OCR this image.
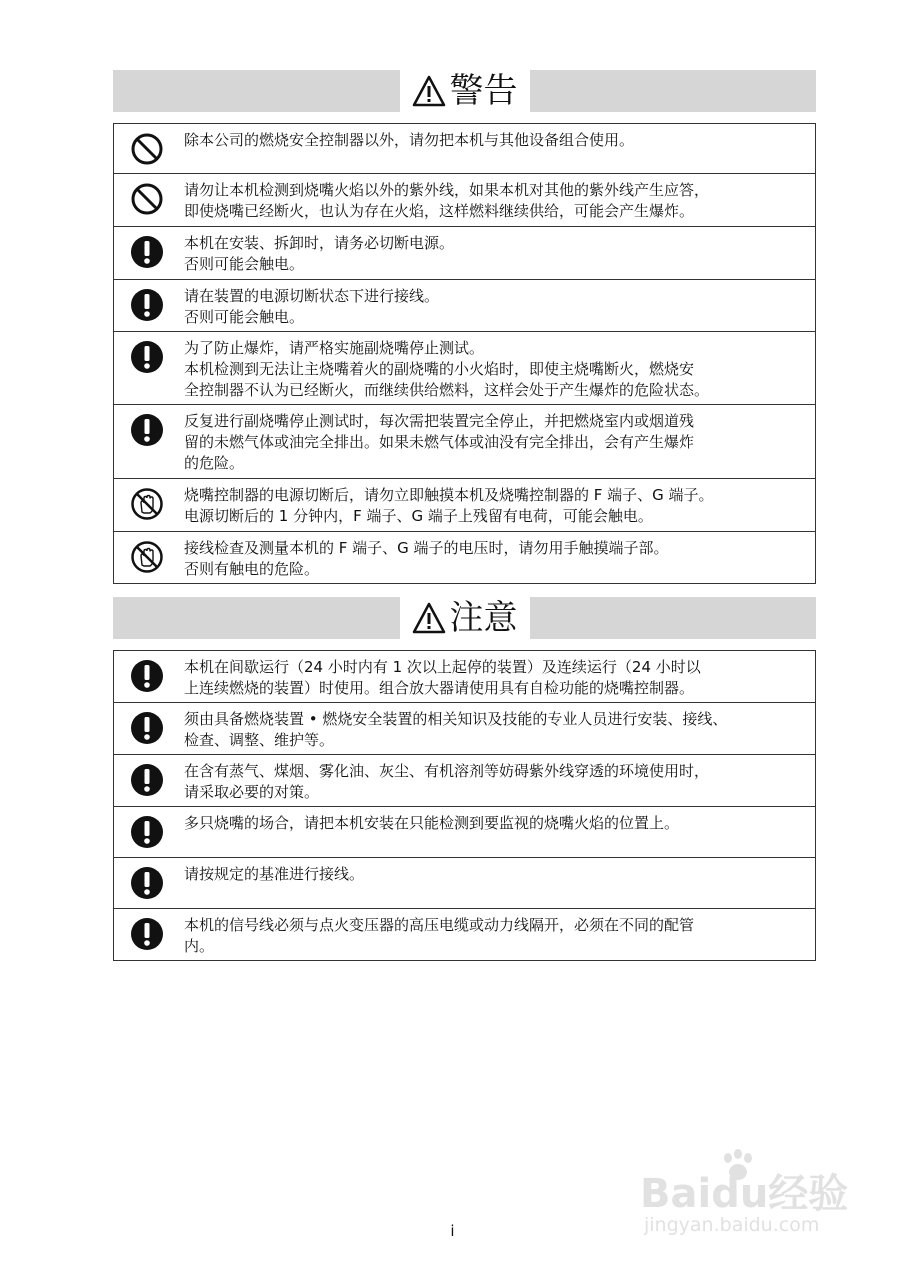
警告
除本公司的燃烧安全控制器以外，请勿把本机与其他设备组合使用。
请勿让本机检测到烧嘴火焰以外的紫外线，如果本机对其他的紫外线产生应答，
即使烧嘴已经断火，也认为存在火焰，这样燃料继续供给，可能会产生爆炸。
本机在安装、拆卸时，请务必切断电源。
否则可能会触电。
请在装置的电源切断状态下进行接线。
否则可能会触电。
为了防止爆炸，请严格实施副烧嘴停止测试。
本机检测到无法让主烧嘴着火的副烧嘴的小火焰时，即使主烧嘴断火，燃烧安
全控制器不认为已经断火，而继续供给燃料，这样会处于产生爆炸的危险状态。
反复进行副烧嘴停止测试时，每次需把装置完全停止，并把燃烧室内或烟道残
留的未燃气体或油完全排出。如果未燃气体或油没有完全排出，会有产生爆炸
的危险。
烧嘴控制器的电源切断后，请勿立即触摸本机及烧嘴控制器的 F 端子、G 端子。
电源切断后的 1 分钟内，F 端子、G 端子上残留有电荷，可能会触电。
接线检查及测量本机的 F 端子、G 端子的电压时，请勿用手触摸端子部。
否则有触电的危险。
注意
本机在间歇运行（24 小时内有 1 次以上起停的装置）及连续运行（24 小时以
上连续燃烧的装置）时使用。组合放大器请使用具有自检功能的烧嘴控制器。
须由具备燃烧装置 • 燃烧安全装置的相关知识及技能的专业人员进行安装、接线、
检查、调整、维护等。
在含有蒸气、煤烟、雾化油、灰尘、有机溶剂等妨碍紫外线穿透的环境使用时，
请采取必要的对策。
多只烧嘴的场合，请把本机安装在只能检测到要监视的烧嘴火焰的位置上。
请按规定的基准进行接线。
本机的信号线必须与点火变压器的高压电缆或动力线隔开，必须在不同的配管
内。
Baidu经验
jingyan.baidu.com
i
